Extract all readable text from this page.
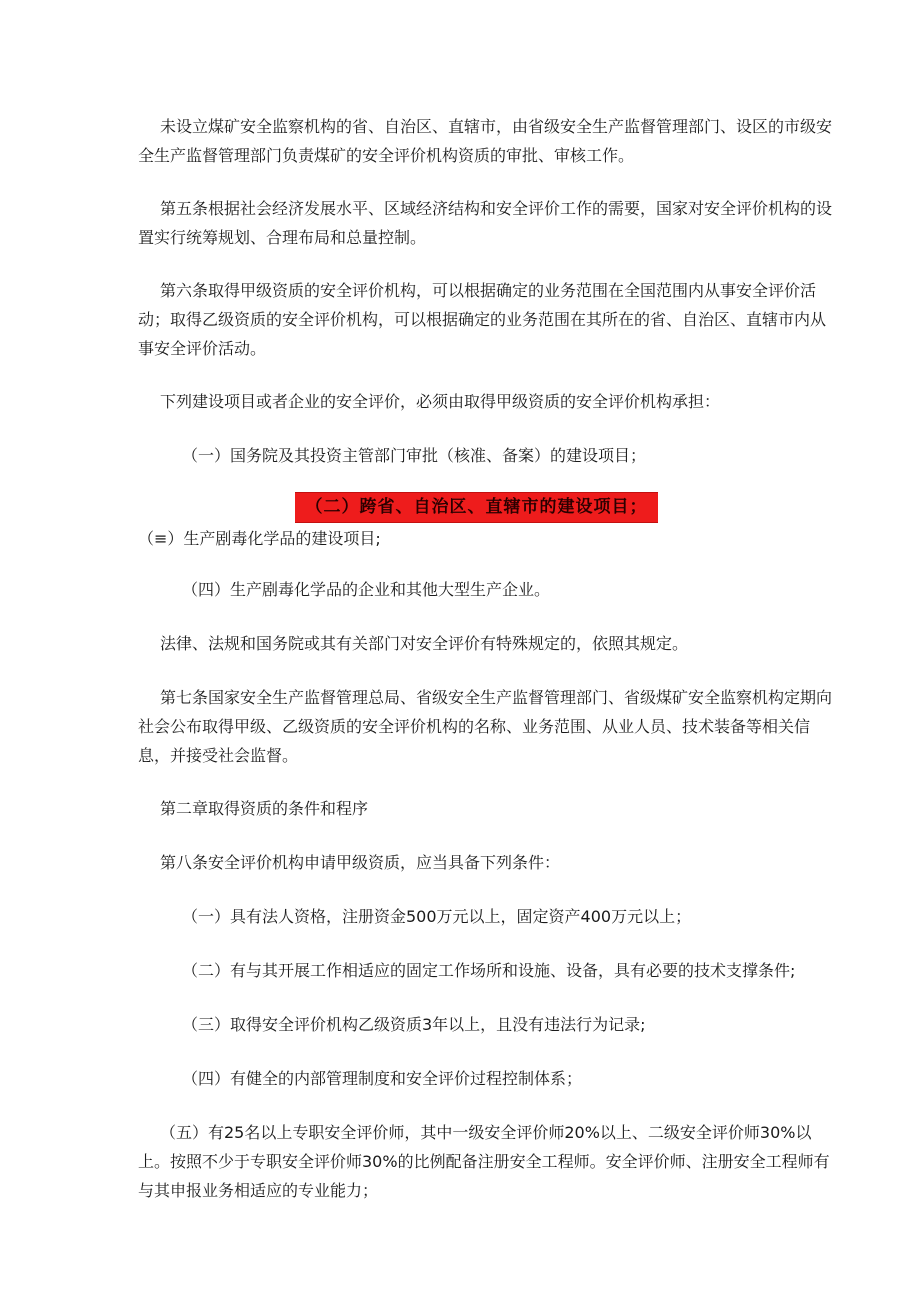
未设立煤矿安全监察机构的省、自治区、直辖市，由省级安全生产监督管理部门、设区的市级安全生产监督管理部门负责煤矿的安全评价机构资质的审批、审核工作。

第五条根据社会经济发展水平、区域经济结构和安全评价工作的需要，国家对安全评价机构的设置实行统筹规划、合理布局和总量控制。

第六条取得甲级资质的安全评价机构，可以根据确定的业务范围在全国范围内从事安全评价活动；取得乙级资质的安全评价机构，可以根据确定的业务范围在其所在的省、自治区、直辖市内从事安全评价活动。

下列建设项目或者企业的安全评价，必须由取得甲级资质的安全评价机构承担：

（一）国务院及其投资主管部门审批（核准、备案）的建设项目；

（二）跨省、自治区、直辖市的建设项目；

（≡）生产剧毒化学品的建设项目;

（四）生产剧毒化学品的企业和其他大型生产企业。

法律、法规和国务院或其有关部门对安全评价有特殊规定的，依照其规定。

第七条国家安全生产监督管理总局、省级安全生产监督管理部门、省级煤矿安全监察机构定期向社会公布取得甲级、乙级资质的安全评价机构的名称、业务范围、从业人员、技术装备等相关信息，并接受社会监督。

第二章取得资质的条件和程序

第八条安全评价机构申请甲级资质，应当具备下列条件：

（一）具有法人资格，注册资金500万元以上，固定资产400万元以上；

（二）有与其开展工作相适应的固定工作场所和设施、设备，具有必要的技术支撑条件;

（三）取得安全评价机构乙级资质3年以上，且没有违法行为记录;

（四）有健全的内部管理制度和安全评价过程控制体系；

（五）有25名以上专职安全评价师，其中一级安全评价师20%以上、二级安全评价师30%以上。按照不少于专职安全评价师30%的比例配备注册安全工程师。安全评价师、注册安全工程师有与其申报业务相适应的专业能力；
